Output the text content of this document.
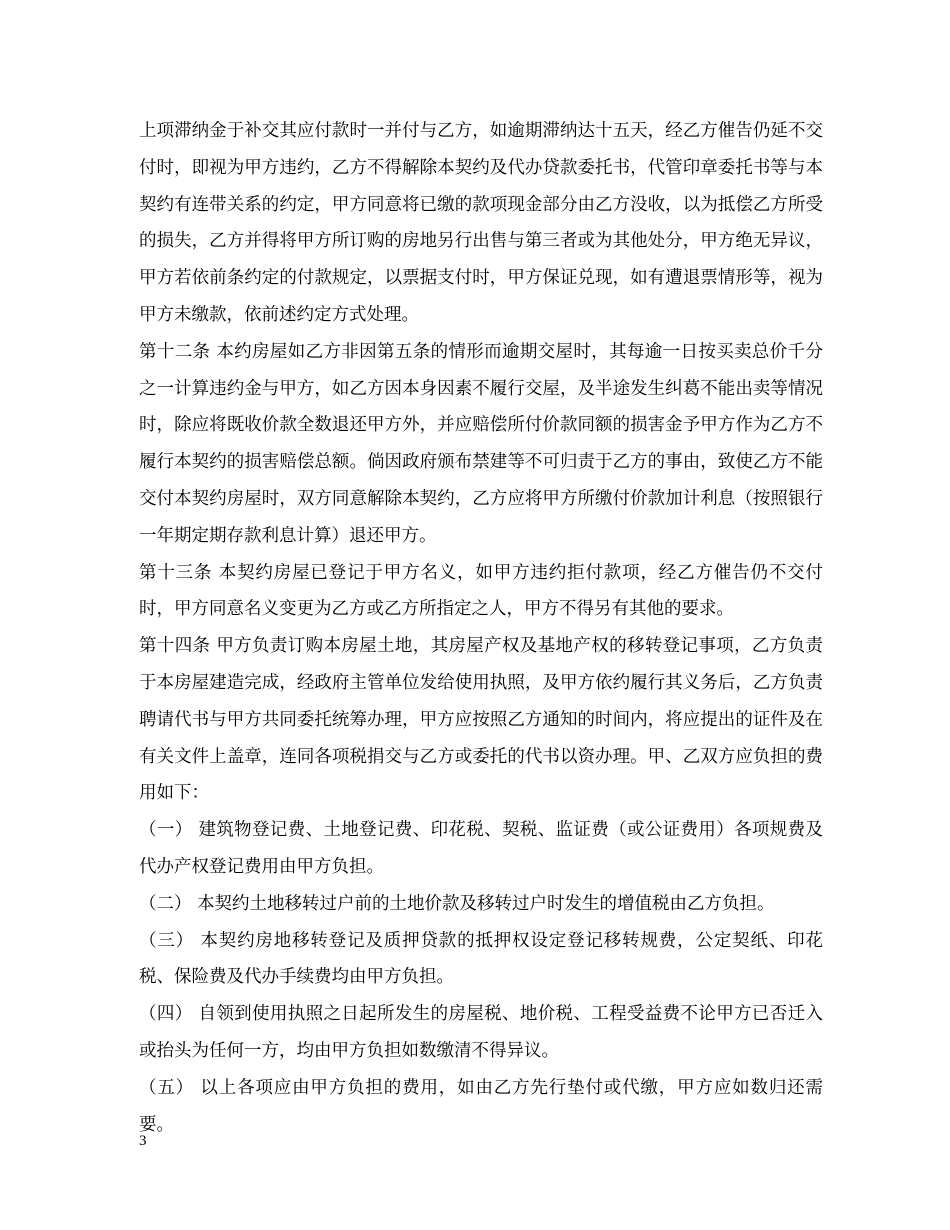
上项滞纳金于补交其应付款时一并付与乙方，如逾期滞纳达十五天，经乙方催告仍延不交付时，即视为甲方违约，乙方不得解除本契约及代办贷款委托书，代管印章委托书等与本契约有连带关系的约定，甲方同意将已缴的款项现金部分由乙方没收，以为抵偿乙方所受的损失，乙方并得将甲方所订购的房地另行出售与第三者或为其他处分，甲方绝无异议，甲方若依前条约定的付款规定，以票据支付时，甲方保证兑现，如有遭退票情形等，视为甲方未缴款，依前述约定方式处理。

第十二条 本约房屋如乙方非因第五条的情形而逾期交屋时，其每逾一日按买卖总价千分之一计算违约金与甲方，如乙方因本身因素不履行交屋，及半途发生纠葛不能出卖等情况时，除应将既收价款全数退还甲方外，并应赔偿所付价款同额的损害金予甲方作为乙方不履行本契约的损害赔偿总额。倘因政府颁布禁建等不可归责于乙方的事由，致使乙方不能交付本契约房屋时，双方同意解除本契约，乙方应将甲方所缴付价款加计利息（按照银行一年期定期存款利息计算）退还甲方。

第十三条 本契约房屋已登记于甲方名义，如甲方违约拒付款项，经乙方催告仍不交付时，甲方同意名义变更为乙方或乙方所指定之人，甲方不得另有其他的要求。

第十四条 甲方负责订购本房屋土地，其房屋产权及基地产权的移转登记事项，乙方负责于本房屋建造完成，经政府主管单位发给使用执照，及甲方依约履行其义务后，乙方负责聘请代书与甲方共同委托统筹办理，甲方应按照乙方通知的时间内，将应提出的证件及在有关文件上盖章，连同各项税捐交与乙方或委托的代书以资办理。甲、乙双方应负担的费用如下：

（一） 建筑物登记费、土地登记费、印花税、契税、监证费（或公证费用）各项规费及代办产权登记费用由甲方负担。

（二） 本契约土地移转过户前的土地价款及移转过户时发生的增值税由乙方负担。

（三） 本契约房地移转登记及质押贷款的抵押权设定登记移转规费，公定契纸、印花税、保险费及代办手续费均由甲方负担。

（四） 自领到使用执照之日起所发生的房屋税、地价税、工程受益费不论甲方已否迁入或抬头为任何一方，均由甲方负担如数缴清不得异议。

（五） 以上各项应由甲方负担的费用，如由乙方先行垫付或代缴，甲方应如数归还需要。

3
